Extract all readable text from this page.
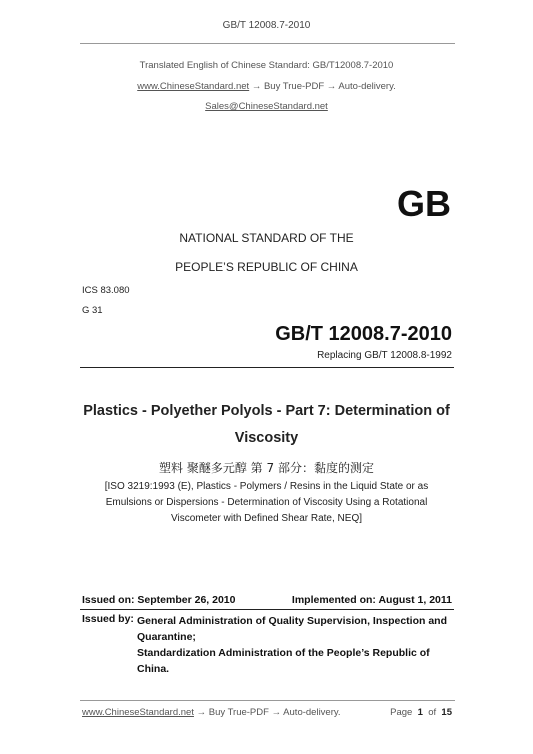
GB/T 12008.7-2010
Translated English of Chinese Standard: GB/T12008.7-2010
www.ChineseStandard.net → Buy True-PDF → Auto-delivery.
Sales@ChineseStandard.net
GB
NATIONAL STANDARD OF THE
PEOPLE’S REPUBLIC OF CHINA
ICS 83.080
G 31
GB/T 12008.7-2010
Replacing GB/T 12008.8-1992
Plastics - Polyether Polyols - Part 7: Determination of
Viscosity
塑料 聚醚多元醇 第 7 部分：黏度的测定
[ISO 3219:1993 (E), Plastics - Polymers / Resins in the Liquid State or as
Emulsions or Dispersions - Determination of Viscosity Using a Rotational
Viscometer with Defined Shear Rate, NEQ]
Issued on: September 26, 2010	Implemented on: August 1, 2011
Issued by: General Administration of Quality Supervision, Inspection and
Quarantine;
Standardization Administration of the People’s Republic of
China.
www.ChineseStandard.net → Buy True-PDF → Auto-delivery.	Page 1 of 15
